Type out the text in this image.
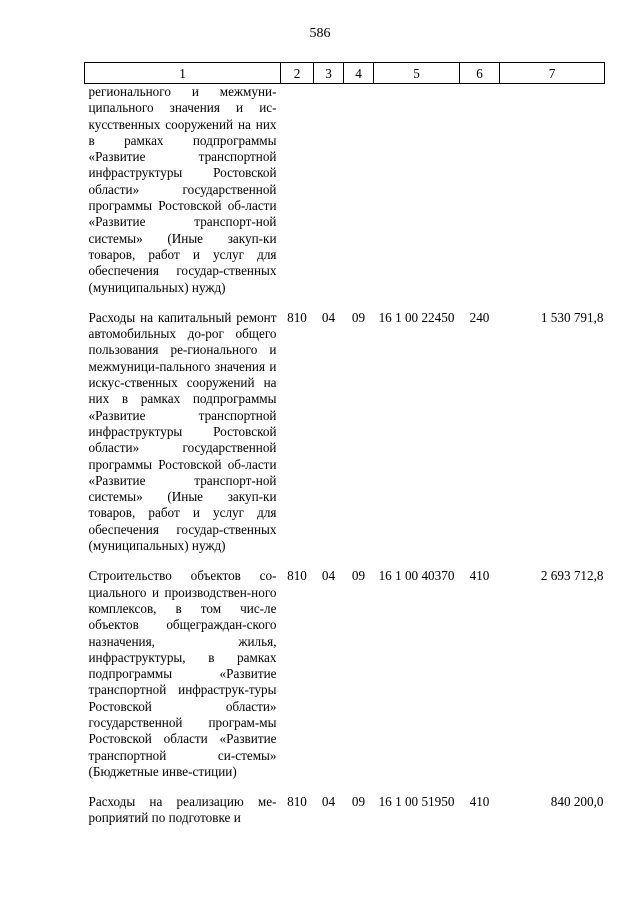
586
1	2	3	4	5	6	7
регионального и межмуни-ципального значения и ис-кусственных сооружений на них в рамках подпрограммы «Развитие транспортной инфраструктуры Ростовской области» государственной программы Ростовской об-ласти «Развитие транспорт-ной системы» (Иные закуп-ки товаров, работ и услуг для обеспечения государ-ственных (муниципальных) нужд)						

Расходы на капитальный ремонт автомобильных до-рог общего пользования ре-гионального и межмуници-пального значения и искус-ственных сооружений на них в рамках подпрограммы «Развитие транспортной инфраструктуры Ростовской области» государственной программы Ростовской об-ласти «Развитие транспорт-ной системы» (Иные закуп-ки товаров, работ и услуг для обеспечения государ-ственных (муниципальных) нужд)	810	04	09	16 1 00 22450	240	1 530 791,8

Строительство объектов со-циального и производствен-ного комплексов, в том чис-ле объектов общеграждан-ского назначения, жилья, инфраструктуры, в рамках подпрограммы «Развитие транспортной инфраструк-туры Ростовской области» государственной програм-мы Ростовской области «Развитие транспортной си-стемы» (Бюджетные инве-стиции)	810	04	09	16 1 00 40370	410	2 693 712,8

Расходы на реализацию ме-роприятий по подготовке и	810	04	09	16 1 00 51950	410	840 200,0
